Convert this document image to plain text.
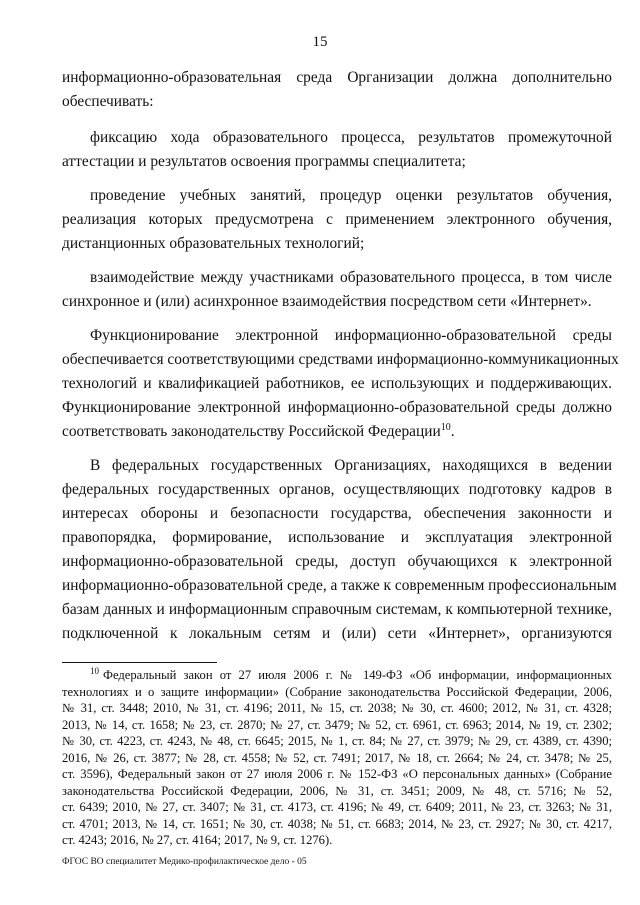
15
информационно-образовательная среда Организации должна дополнительно
обеспечивать:
фиксацию хода образовательного процесса, результатов промежуточной
аттестации и результатов освоения программы специалитета;
проведение учебных занятий, процедур оценки результатов обучения,
реализация которых предусмотрена с применением электронного обучения,
дистанционных образовательных технологий;
взаимодействие между участниками образовательного процесса, в том числе
синхронное и (или) асинхронное взаимодействия посредством сети «Интернет».
Функционирование электронной информационно-образовательной среды
обеспечивается соответствующими средствами информационно-коммуникационных
технологий и квалификацией работников, ее использующих и поддерживающих.
Функционирование электронной информационно-образовательной среды должно
соответствовать законодательству Российской Федерации$^{10}$.
В федеральных государственных Организациях, находящихся в ведении
федеральных государственных органов, осуществляющих подготовку кадров в
интересах обороны и безопасности государства, обеспечения законности и
правопорядка, формирование, использование и эксплуатация электронной
информационно-образовательной среды, доступ обучающихся к электронной
информационно-образовательной среде, а также к современным профессиональным
базам данных и информационным справочным системам, к компьютерной технике,
подключенной к локальным сетям и (или) сети «Интернет», организуются
$^{10}$ Федеральный закон от 27 июля 2006 г. № 149-ФЗ «Об информации, информационных
технологиях и о защите информации» (Собрание законодательства Российской Федерации, 2006,
№ 31, ст. 3448; 2010, № 31, ст. 4196; 2011, № 15, ст. 2038; № 30, ст. 4600; 2012, № 31, ст. 4328;
2013, № 14, ст. 1658; № 23, ст. 2870; № 27, ст. 3479; № 52, ст. 6961, ст. 6963; 2014, № 19, ст. 2302;
№ 30, ст. 4223, ст. 4243, № 48, ст. 6645; 2015, № 1, ст. 84; № 27, ст. 3979; № 29, ст. 4389, ст. 4390;
2016, № 26, ст. 3877; № 28, ст. 4558; № 52, ст. 7491; 2017, № 18, ст. 2664; № 24, ст. 3478; № 25,
ст. 3596), Федеральный закон от 27 июля 2006 г. № 152-ФЗ «О персональных данных» (Собрание
законодательства Российской Федерации, 2006, № 31, ст. 3451; 2009, № 48, ст. 5716; № 52,
ст. 6439; 2010, № 27, ст. 3407; № 31, ст. 4173, ст. 4196; № 49, ст. 6409; 2011, № 23, ст. 3263; № 31,
ст. 4701; 2013, № 14, ст. 1651; № 30, ст. 4038; № 51, ст. 6683; 2014, № 23, ст. 2927; № 30, ст. 4217,
ст. 4243; 2016, № 27, ст. 4164; 2017, № 9, ст. 1276).
ФГОС ВО специалитет Медико-профилактическое дело - 05
